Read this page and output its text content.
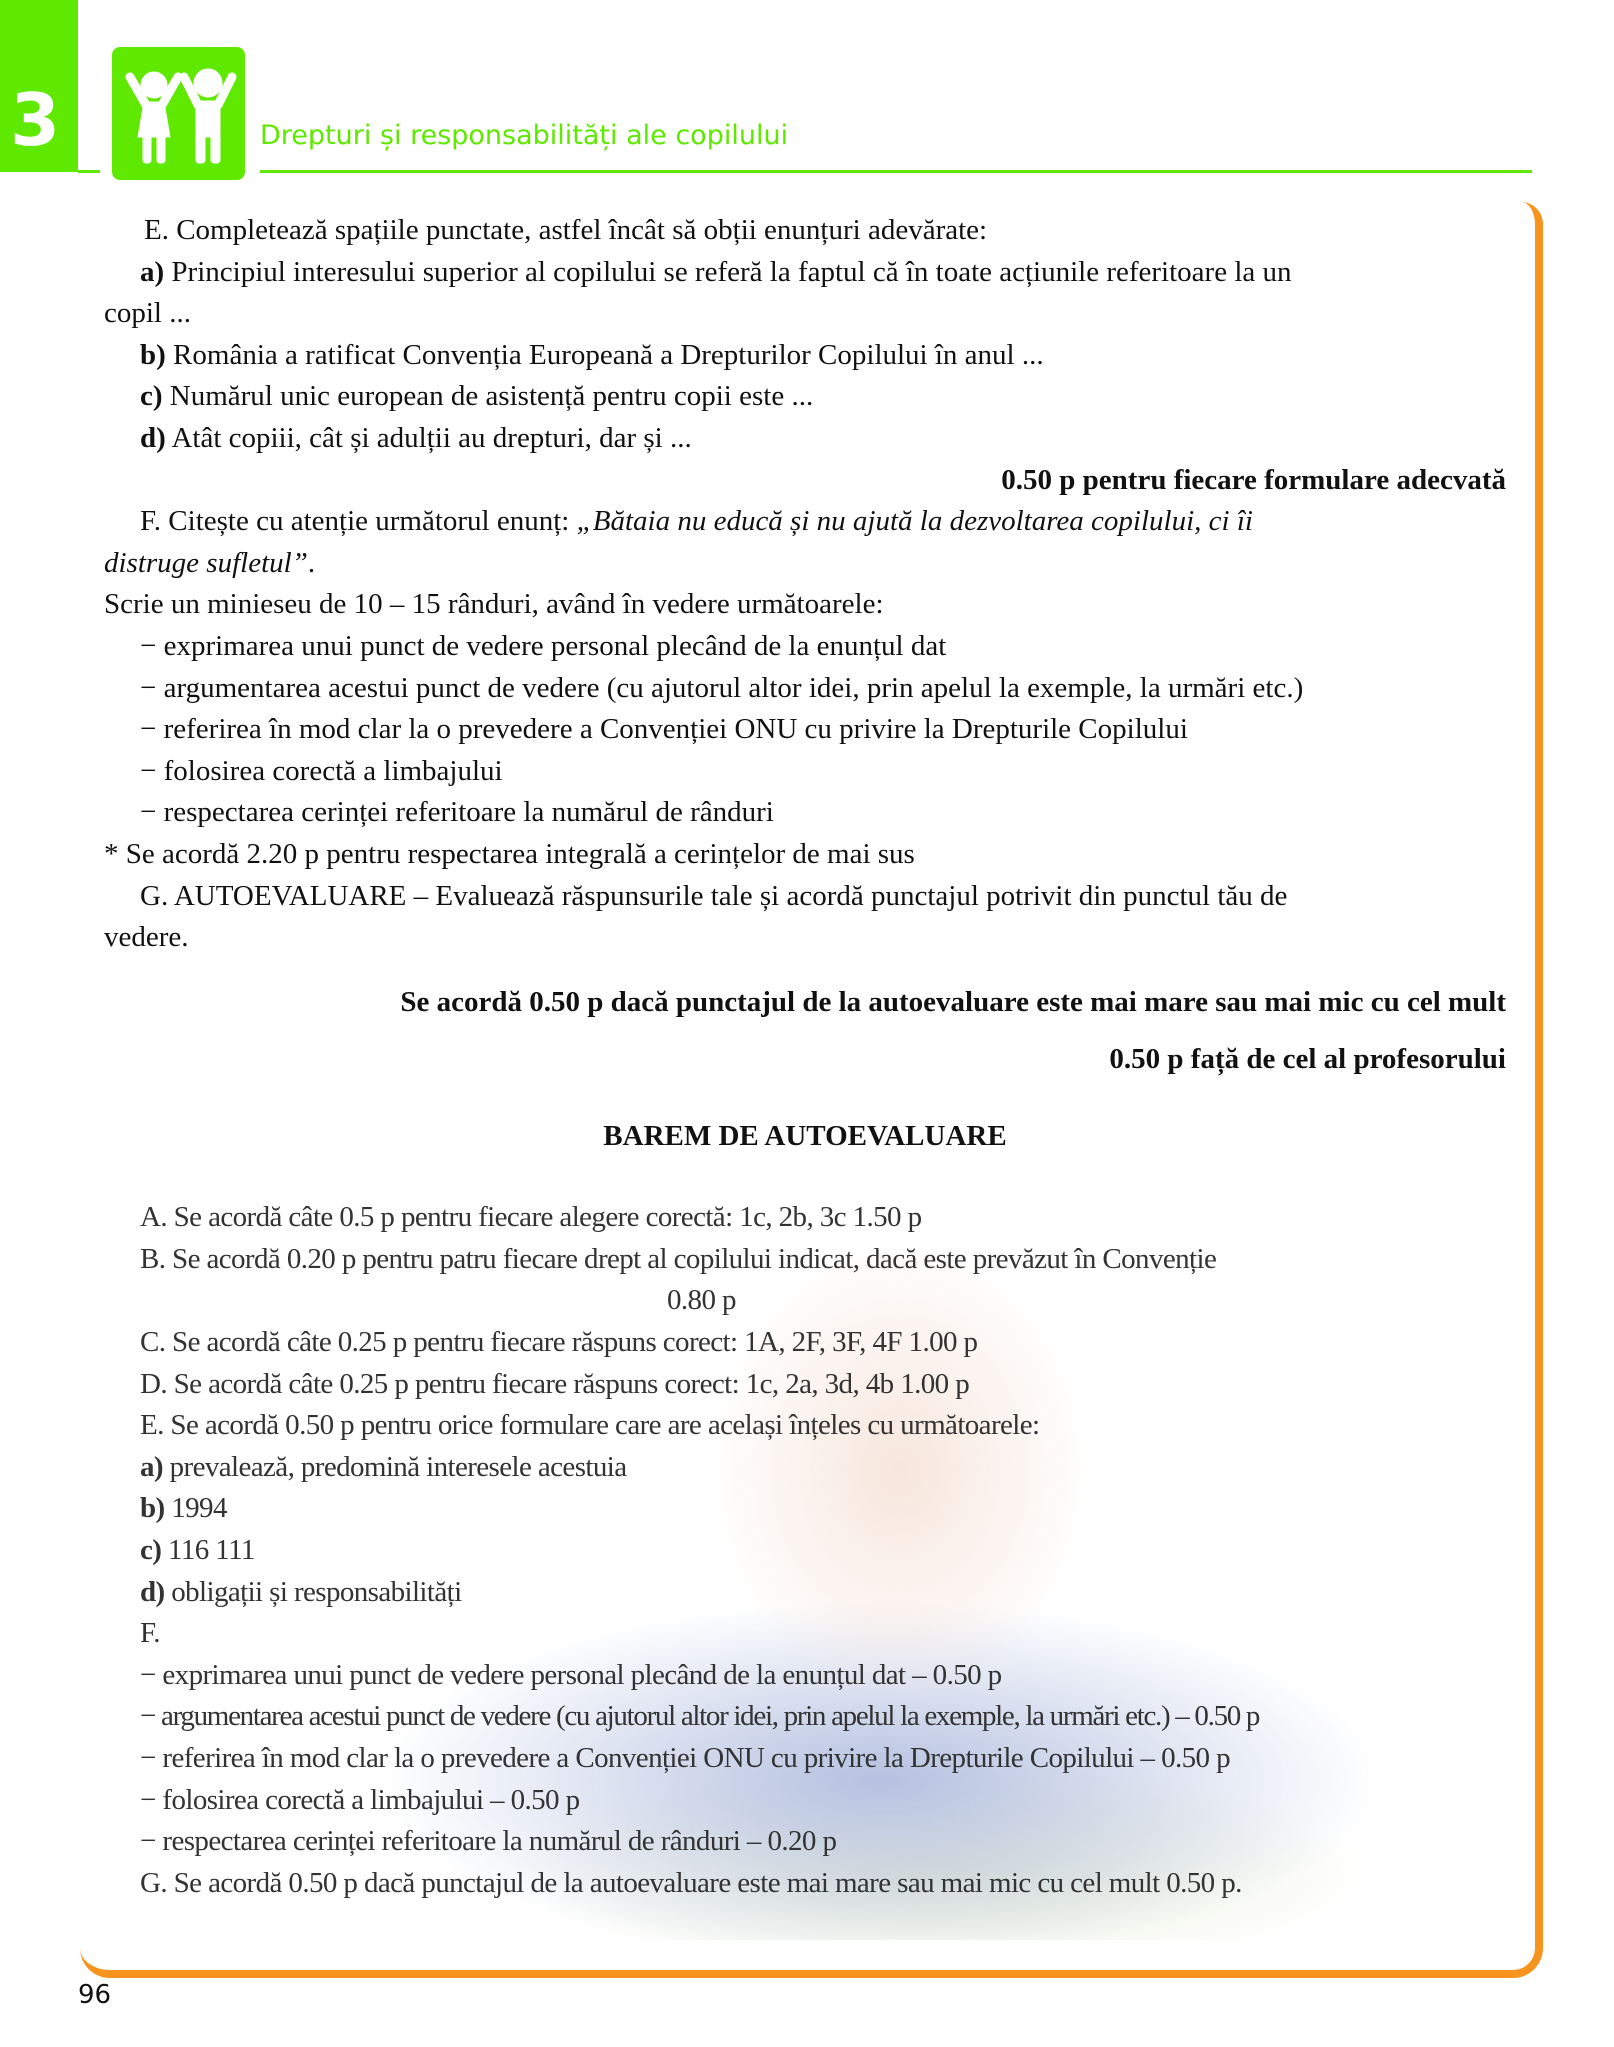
3	Drepturi și responsabilități ale copilului

E. Completează spațiile punctate, astfel încât să obții enunțuri adevărate:

a) Principiul interesului superior al copilului se referă la faptul că în toate acțiunile referitoare la un

copil ...

b) România a ratificat Convenția Europeană a Drepturilor Copilului în anul ...

c) Numărul unic european de asistență pentru copii este ...

d) Atât copiii, cât și adulții au drepturi, dar și ...

0.50 p pentru fiecare formulare adecvată

F. Citește cu atenție următorul enunț: „Bătaia nu educă și nu ajută la dezvoltarea copilului, ci îi

distruge sufletul”.

Scrie un minieseu de 10 – 15 rânduri, având în vedere următoarele:

− exprimarea unui punct de vedere personal plecând de la enunțul dat

− argumentarea acestui punct de vedere (cu ajutorul altor idei, prin apelul la exemple, la urmări etc.)

− referirea în mod clar la o prevedere a Convenției ONU cu privire la Drepturile Copilului

− folosirea corectă a limbajului

− respectarea cerinței referitoare la numărul de rânduri

* Se acordă 2.20 p pentru respectarea integrală a cerințelor de mai sus

G. AUTOEVALUARE – Evaluează răspunsurile tale și acordă punctajul potrivit din punctul tău de

vedere.

Se acordă 0.50 p dacă punctajul de la autoevaluare este mai mare sau mai mic cu cel mult

0.50 p față de cel al profesorului

BAREM DE AUTOEVALUARE

A. Se acordă câte 0.5 p pentru fiecare alegere corectă: 1c, 2b, 3c 1.50 p

B. Se acordă 0.20 p pentru patru fiecare drept al copilului indicat, dacă este prevăzut în Convenție

0.80 p

C. Se acordă câte 0.25 p pentru fiecare răspuns corect: 1A, 2F, 3F, 4F 1.00 p

D. Se acordă câte 0.25 p pentru fiecare răspuns corect: 1c, 2a, 3d, 4b 1.00 p

E. Se acordă 0.50 p pentru orice formulare care are același înțeles cu următoarele:

a) prevalează, predomină interesele acestuia

b) 1994

c) 116 111

d) obligații și responsabilități

F.

− exprimarea unui punct de vedere personal plecând de la enunțul dat – 0.50 p

− argumentarea acestui punct de vedere (cu ajutorul altor idei, prin apelul la exemple, la urmări etc.) – 0.50 p

− referirea în mod clar la o prevedere a Convenției ONU cu privire la Drepturile Copilului – 0.50 p

− folosirea corectă a limbajului – 0.50 p

− respectarea cerinței referitoare la numărul de rânduri – 0.20 p

G. Se acordă 0.50 p dacă punctajul de la autoevaluare este mai mare sau mai mic cu cel mult 0.50 p.

96
